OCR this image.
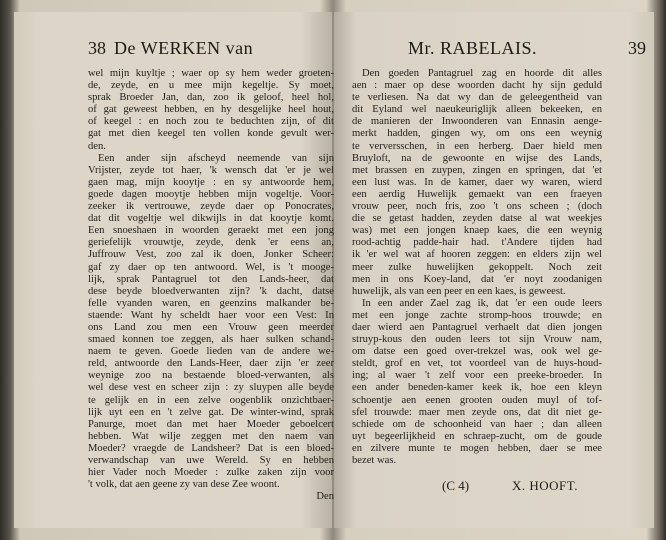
38 De WERKEN van
wel mijn kuyltje ; waer op sy hem weder groeten-
de, zeyde, en u mee mijn kegeltje. Sy moet,
sprak Broeder Jan, dan, zoo ik geloof, heel hol,
of gat geweest hebben, en hy desgelijke heel hout,
of keegel : en noch zou te beduchten zijn, of dit
gat met dien keegel ten vollen konde gevult wer-
den.
Een ander sijn afscheyd neemende van sijn
Vrijster, zeyde tot haer, 'k wensch dat 'er je wel
gaen mag, mijn kooytje : en sy antwoorde hem,
goede dagen mooytje hebben mijn vogeltje. Voor-
zeeker ik vertrouwe, zeyde daer op Ponocrates,
dat dit vogeltje wel dikwijls in dat kooytje komt.
Een snoeshaen in woorden geraekt met een jong
geriefelijk vrouwtje, zeyde, denk 'er eens an,
Juffrouw Vest, zoo zal ik doen, Jonker Scheer:
gaf zy daer op ten antwoord. Wel, is 't mooge-
lijk, sprak Pantagruel tot den Lands-heer, dat
dese beyde bloedverwanten zijn? 'k dacht, datse
felle vyanden waren, en geenzins malkander be-
staende: Want hy scheldt haer voor een Vest: In
ons Land zou men een Vrouw geen meerder
smaed konnen toe zeggen, als haer sulken schand-
naem te geven. Goede lieden van de andere we-
reld, antwoorde den Lands-Heer, daer zijn 'er zeer
weynige zoo na bestaende bloed-verwanten, als
wel dese vest en scheer zijn : zy sluypen alle beyde
te gelijk en in een zelve oogenblik onzichtbaer-
lijk uyt een en 't zelve gat. De winter-wind, sprak
Panurge, moet dan met haer Moeder geboelcert
hebben. Wat wilje zeggen met den naem van
Moeder? vraegde de Landsheer? Dat is een bloed-
verwandschap van uwe Wereld. Sy en hebben
hier Vader noch Moeder : zulke zaken zijn voor
't volk, dat aen geene zy van dese Zee woont.
Den
Mr. RABELAIS.	39
Den goeden Pantagruel zag en hoorde dit alles
aen : maer op dese woorden dacht hy sijn geduld
te verliesen. Na dat wy dan de geleegentheid van
dit Eyland wel naeukeuriglijk alleen bekeeken, en
de manieren der Inwoonderen van Ennasin aenge-
merkt hadden, gingen wy, om ons een weynig
te verversschen, in een herberg. Daer hield men
Bruyloft, na de gewoonte en wijse des Lands,
met brassen en zuypen, zingen en springen, dat 'et
een lust was. In de kamer, daer wy waren, wierd
een aerdig Huwelijk gemaekt van een fraeyen
vrouw peer, noch fris, zoo 't ons scheen ; (doch
die se getast hadden, zeyden datse al wat weekjes
was) met een jongen knaep kaes, die een weynig
rood-achtig padde-hair had. t'Andere tijden had
ik 'er wel wat af hooren zeggen: en elders zijn wel
meer zulke huwelijken gekoppelt. Noch zeit
men in ons Koey-land, dat 'er noyt zoodanigen
huwelijk, als van een peer en een kaes, is geweest.
In een ander Zael zag ik, dat 'er een oude leers
met een jonge zachte stromp-hoos trouwde; en
daer wierd aen Pantagruel verhaelt dat dien jongen
struyp-kous den ouden leers tot sijn Vrouw nam,
om datse een goed over-trekzel was, ook wel ge-
steldt, grof en vet, tot voordeel van de huys-houd-
ing; al waer 't zelf voor een preeke-broeder. In
een ander beneden-kamer keek ik, hoe een kleyn
schoentje aen eenen grooten ouden muyl of tof-
sfel trouwde: maer men zeyde ons, dat dit niet ge-
schiede om de schoonheid van haer ; dan alleen
uyt begeerlijkheid en schraep-zucht, om de goude
en zilvere munte te mogen hebben, daer se mee
bezet was.
(C 4)	X. HOOFT.
